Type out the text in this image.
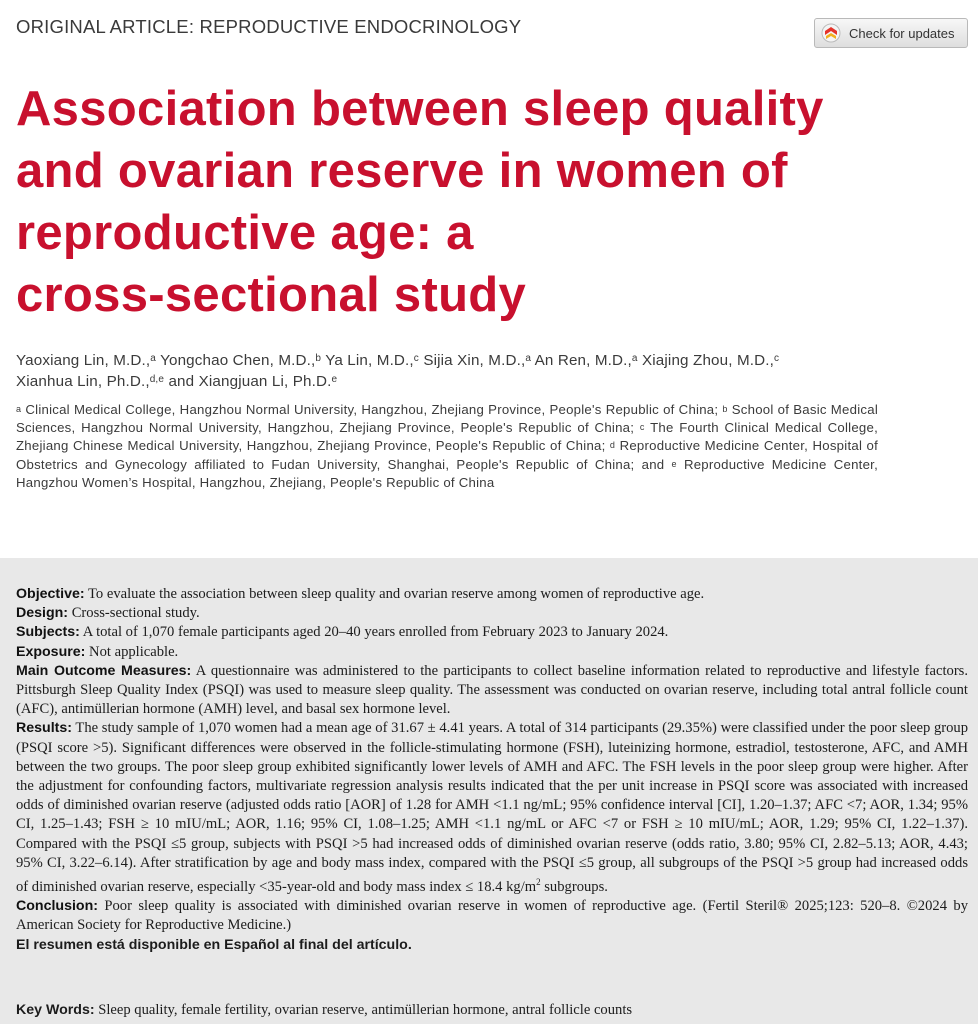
ORIGINAL ARTICLE: REPRODUCTIVE ENDOCRINOLOGY	Check for updates
Association between sleep quality
and ovarian reserve in women of
reproductive age: a
cross-sectional study
Yaoxiang Lin, M.D.,$^a$ Yongchao Chen, M.D.,$^b$ Ya Lin, M.D.,$^c$ Sijia Xin, M.D.,$^a$ An Ren, M.D.,$^a$ Xiajing Zhou, M.D.,$^c$
Xianhua Lin, Ph.D.,$^{d,e}$ and Xiangjuan Li, Ph.D.$^e$
$^a$ Clinical Medical College, Hangzhou Normal University, Hangzhou, Zhejiang Province, People's Republic of China; $^b$ School of Basic Medical Sciences, Hangzhou Normal University, Hangzhou, Zhejiang Province, People's Republic of China; $^c$ The Fourth Clinical Medical College, Zhejiang Chinese Medical University, Hangzhou, Zhejiang Province, People's Republic of China; $^d$ Reproductive Medicine Center, Hospital of Obstetrics and Gynecology affiliated to Fudan University, Shanghai, People's Republic of China; and $^e$ Reproductive Medicine Center, Hangzhou Women’s Hospital, Hangzhou, Zhejiang, People's Republic of China

Objective: To evaluate the association between sleep quality and ovarian reserve among women of reproductive age.

Design: Cross-sectional study.

Subjects: A total of 1,070 female participants aged 20–40 years enrolled from February 2023 to January 2024.

Exposure: Not applicable.

Main Outcome Measures: A questionnaire was administered to the participants to collect baseline information related to reproductive and lifestyle factors. Pittsburgh Sleep Quality Index (PSQI) was used to measure sleep quality. The assessment was conducted on ovarian reserve, including total antral follicle count (AFC), antimüllerian hormone (AMH) level, and basal sex hormone level.

Results: The study sample of 1,070 women had a mean age of 31.67 ± 4.41 years. A total of 314 participants (29.35%) were classified under the poor sleep group (PSQI score >5). Significant differences were observed in the follicle-stimulating hormone (FSH), luteinizing hormone, estradiol, testosterone, AFC, and AMH between the two groups. The poor sleep group exhibited significantly lower levels of AMH and AFC. The FSH levels in the poor sleep group were higher. After the adjustment for confounding factors, multivariate regression analysis results indicated that the per unit increase in PSQI score was associated with increased odds of diminished ovarian reserve (adjusted odds ratio [AOR] of 1.28 for AMH <1.1 ng/mL; 95% confidence interval [CI], 1.20–1.37; AFC <7; AOR, 1.34; 95% CI, 1.25–1.43; FSH ≥ 10 mIU/mL; AOR, 1.16; 95% CI, 1.08–1.25; AMH <1.1 ng/mL or AFC <7 or FSH ≥ 10 mIU/mL; AOR, 1.29; 95% CI, 1.22–1.37). Compared with the PSQI ≤5 group, subjects with PSQI >5 had increased odds of diminished ovarian reserve (odds ratio, 3.80; 95% CI, 2.82–5.13; AOR, 4.43; 95% CI, 3.22–6.14). After stratification by age and body mass index, compared with the PSQI ≤5 group, all subgroups of the PSQI >5 group had increased odds of diminished ovarian reserve, especially <35-year-old and body mass index ≤ 18.4 $kg/m^2$ subgroups.

Conclusion: Poor sleep quality is associated with diminished ovarian reserve in women of reproductive age. (Fertil Steril® 2025;123: 520–8. ©2024 by American Society for Reproductive Medicine.)

El resumen está disponible en Español al final del artículo.

Key Words: Sleep quality, female fertility, ovarian reserve, antimüllerian hormone, antral follicle counts
